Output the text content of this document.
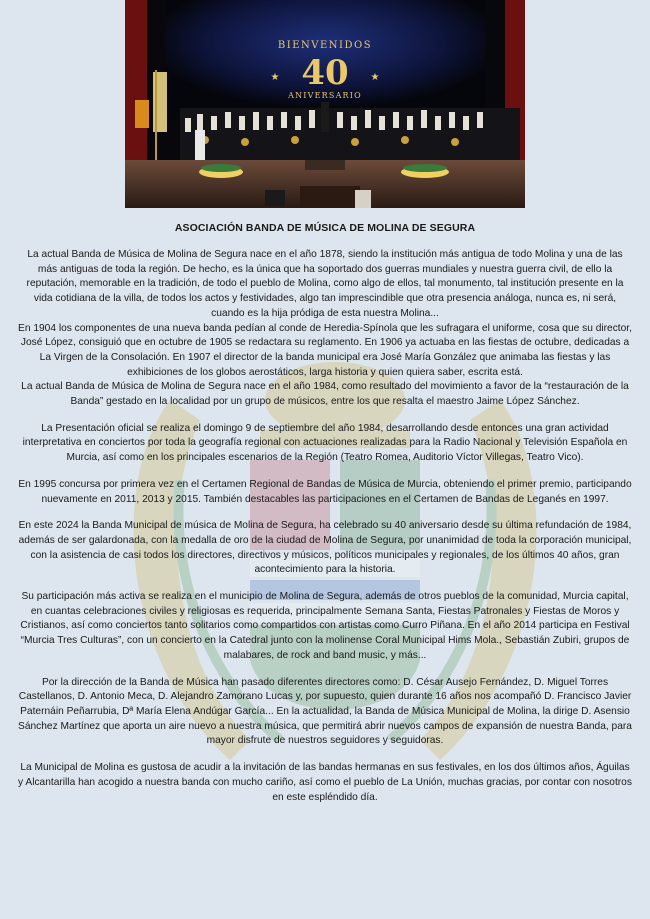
BIENVENIDOS
40
ANIVERSARIO
★	★

ASOCIACIÓN BANDA DE MÚSICA DE MOLINA DE SEGURA

La actual Banda de Música de Molina de Segura nace en el año 1878, siendo la institución más antigua de todo Molina y una de las más antiguas de toda la región. De hecho, es la única que ha soportado dos guerras mundiales y nuestra guerra civil, de ello la reputación, memorable en la tradición, de todo el pueblo de Molina, como algo de ellos, tal monumento, tal institución presente en la vida cotidiana de la villa, de todos los actos y festividades, algo tan imprescindible que otra presencia análoga, nunca es, ni será, cuando es la hija pródiga de esta nuestra Molina...

En 1904 los componentes de una nueva banda pedían al conde de Heredia-Spínola que les sufragara el uniforme, cosa que su director, José López, consiguió que en octubre de 1905 se redactara su reglamento. En 1906 ya actuaba en las fiestas de octubre, dedicadas a La Virgen de la Consolación. En 1907 el director de la banda municipal era José María González que animaba las fiestas y las exhibiciones de los globos aerostáticos, larga historia y quien quiera saber, escrita está.

La actual Banda de Música de Molina de Segura nace en el año 1984, como resultado del movimiento a favor de la “restauración de la Banda” gestado en la localidad por un grupo de músicos, entre los que resalta el maestro Jaime López Sánchez.

La Presentación oficial se realiza el domingo 9 de septiembre del año 1984, desarrollando desde entonces una gran actividad interpretativa en conciertos por toda la geografía regional con actuaciones realizadas para la Radio Nacional y Televisión Española en Murcia, así como en los principales escenarios de la Región (Teatro Romea, Auditorio Víctor Villegas, Teatro Vico).

En 1995 concursa por primera vez en el Certamen Regional de Bandas de Música de Murcia, obteniendo el primer premio, participando nuevamente en 2011, 2013 y 2015. También destacables las participaciones en el Certamen de Bandas de Leganés en 1997.

En este 2024 la Banda Municipal de música de Molina de Segura, ha celebrado su 40 aniversario desde su última refundación de 1984, además de ser galardonada, con la medalla de oro de la ciudad de Molina de Segura, por unanimidad de toda la corporación municipal, con la asistencia de casi todos los directores, directivos y músicos, políticos municipales y regionales, de los últimos 40 años, gran acontecimiento para la historia.

Su participación más activa se realiza en el municipio de Molina de Segura, además de otros pueblos de la comunidad, Murcia capital, en cuantas celebraciones civiles y religiosas es requerida, principalmente Semana Santa, Fiestas Patronales y Fiestas de Moros y Cristianos, así como conciertos tanto solitarios como compartidos con artistas como Curro Piñana. En el año 2014 participa en Festival “Murcia Tres Culturas”, con un concierto en la Catedral junto con la molinense Coral Municipal Hims Mola., Sebastián Zubiri, grupos de malabares, de rock and band music, y más...

Por la dirección de la Banda de Música han pasado diferentes directores como: D. César Ausejo Fernández, D. Miguel Torres Castellanos, D. Antonio Meca, D. Alejandro Zamorano Lucas y, por supuesto, quien durante 16 años nos acompañó D. Francisco Javier Paternáin Peñarrubia, Dª María Elena Andúgar García... En la actualidad, la Banda de Música Municipal de Molina, la dirige D. Asensio Sánchez Martínez que aporta un aire nuevo a nuestra música, que permitirá abrir nuevos campos de expansión de nuestra Banda, para mayor disfrute de nuestros seguidores y seguidoras.

La Municipal de Molina es gustosa de acudir a la invitación de las bandas hermanas en sus festivales, en los dos últimos años, Águilas y Alcantarilla han acogido a nuestra banda con mucho cariño, así como el pueblo de La Unión, muchas gracias, por contar con nosotros en este espléndido día.
